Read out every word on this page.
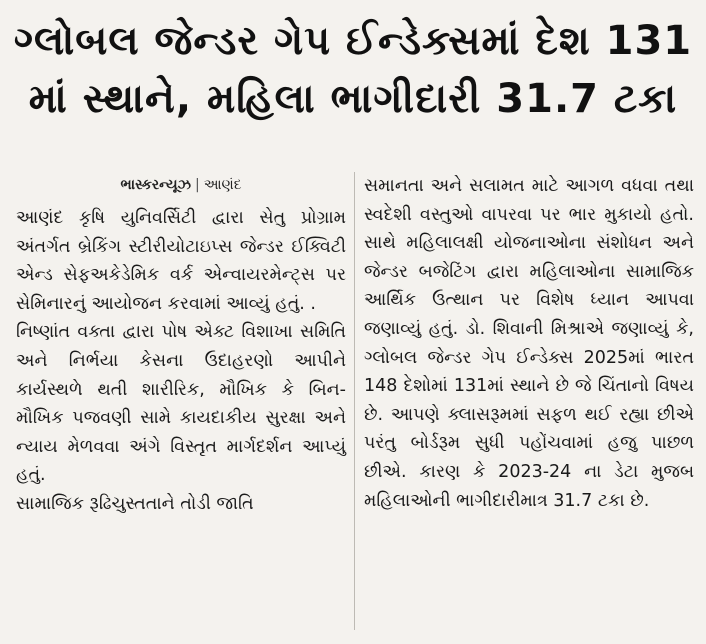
ગ્લોબલ જેન્ડર ગેપ ઈન્ડેક્સમાં દેશ 131
માં સ્થાને, મહિલા ભાગીદારી 31.7 ટકા
ભાસ્કરન્યૂઝ | આણંદ

આણંદ કૃષિ યુનિવર્સિટી દ્વારા સેતુ પ્રોગ્રામ અંતર્ગત બ્રેકિંગ સ્ટીરીયોટાઇપ્સ જેન્ડર ઈક્વિટી એન્ડ સેફઅકેડેમિક વર્ક એન્વાયરમેન્ટ્સ પર સેમિનારનું આયોજન કરવામાં આવ્યું હતું. .

નિષ્ણાંત વક્તા દ્વારા પોષ એક્ટ વિશાખા સમિતિ અને નિર્ભયા કેસના ઉદાહરણો આપીને કાર્યસ્થળે થતી શારીરિક, મૌખિક કે બિન-મૌખિક પજવણી સામે કાયદાકીય સુરક્ષા અને ન્યાય મેળવવા અંગે વિસ્તૃત માર્ગદર્શન આપ્યું હતું.

સામાજિક રૂઢિચુસ્તતાને તોડી જાતિ

સમાનતા અને સલામત માટે આગળ વધવા તથા સ્વદેશી વસ્તુઓ વાપરવા પર ભાર મુકાયો હતો. સાથે મહિલાલક્ષી યોજનાઓના સંશોધન અને જેન્ડર બજેટિંગ દ્વારા મહિલાઓના સામાજિક આર્થિક ઉત્થાન પર વિશેષ ધ્યાન આપવા જણાવ્યું હતું. ડો. શિવાની મિશ્રાએ જણાવ્યું કે, ગ્લોબલ જેન્ડર ગેપ ઈન્ડેક્સ 2025માં ભારત 148 દેશોમાં 131માં સ્થાને છે જે ચિંતાનો વિષય છે. આપણે ક્લાસરૂમમાં સફળ થઈ રહ્યા છીએ પરંતુ બોર્ડરૂમ સુધી પહોંચવામાં હજુ પાછળ છીએ. કારણ કે 2023-24 ના ડેટા મુજબ મહિલાઓની ભાગીદારીમાત્ર 31.7 ટકા છે.
